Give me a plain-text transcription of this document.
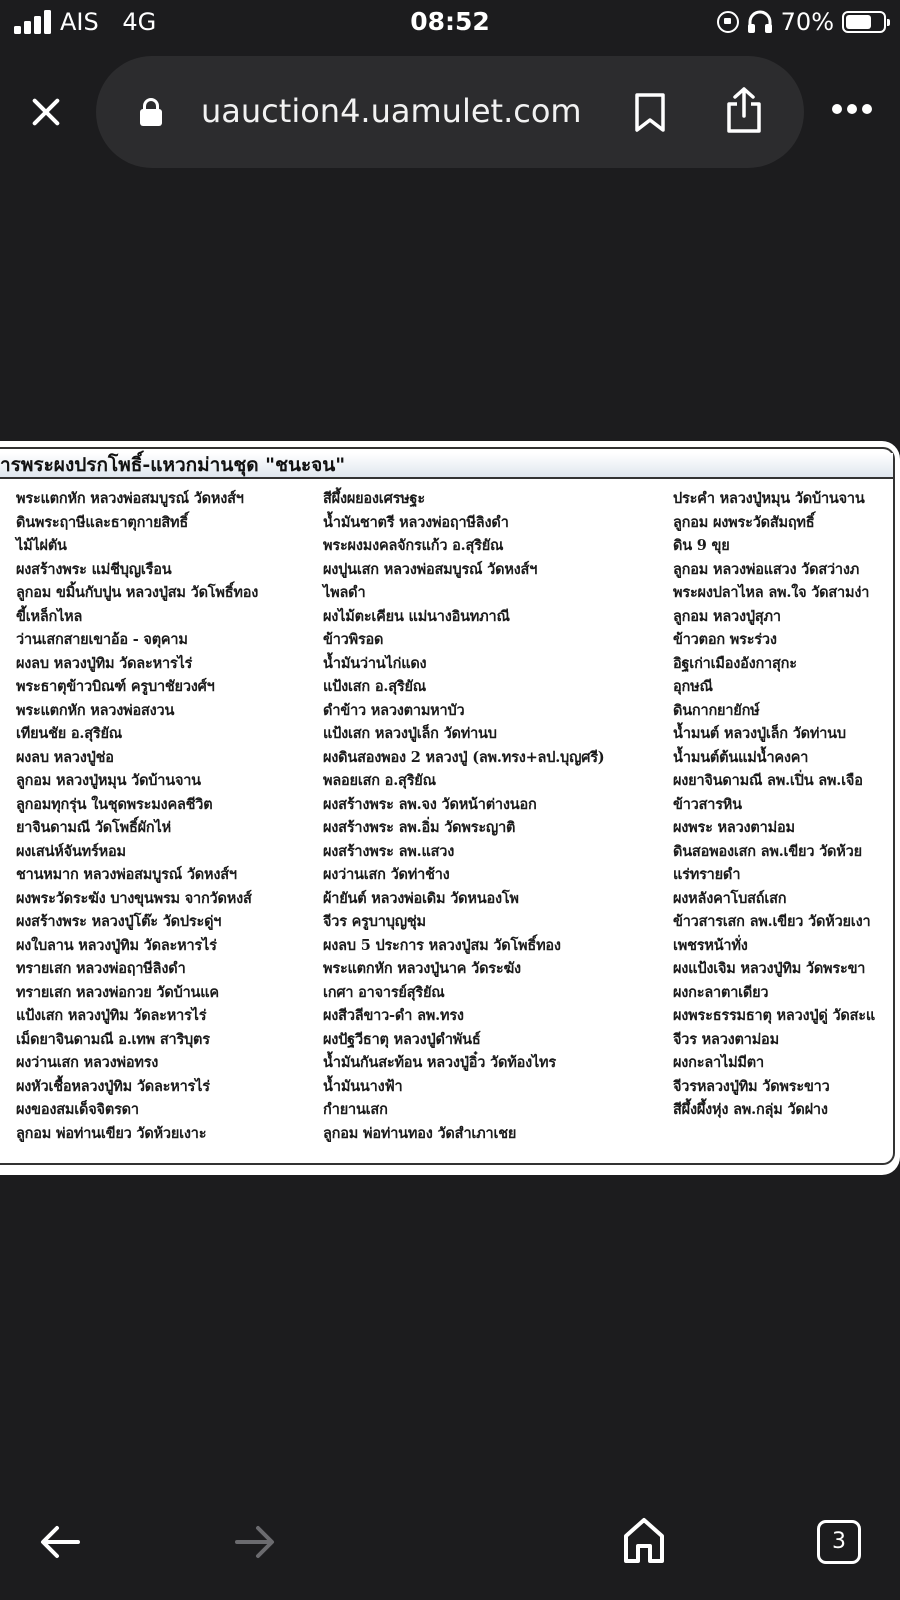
AIS 4G	08:52	70%
uauction4.uamulet.com
ารพระผงปรกโพธิ์-แหวกม่านชุด "ชนะจน"
พระแตกหัก หลวงพ่อสมบูรณ์ วัดหงส์ฯ
ดินพระฤาษีและธาตุกายสิทธิ์
ไม้ไผ่ตัน
ผงสร้างพระ แม่ชีบุญเรือน
ลูกอม ขมิ้นกับปูน หลวงปู่สม วัดโพธิ์ทอง
ขี้เหล็กไหล
ว่านเสกสายเขาอ้อ - จตุคาม
ผงลบ หลวงปู่ทิม วัดละหารไร่
พระธาตุข้าวบิณฑ์ ครูบาชัยวงศ์ฯ
พระแตกหัก หลวงพ่อสงวน
เทียนชัย อ.สุริยัณ
ผงลบ หลวงปู่ช่อ
ลูกอม หลวงปู่หมุน วัดบ้านจาน
ลูกอมทุกรุ่น ในชุดพระมงคลชีวิต
ยาจินดามณี วัดโพธิ์ผักไห่
ผงเสน่ห์จันทร์หอม
ชานหมาก หลวงพ่อสมบูรณ์ วัดหงส์ฯ
ผงพระวัดระฆัง บางขุนพรม จากวัดหงส์
ผงสร้างพระ หลวงปู่โต๊ะ วัดประดู่ฯ
ผงใบลาน หลวงปู่ทิม วัดละหารไร่
ทรายเสก หลวงพ่อฤาษีลิงดำ
ทรายเสก หลวงพ่อกวย วัดบ้านแค
แป้งเสก หลวงปู่ทิม วัดละหารไร่
เม็ดยาจินดามณี อ.เทพ สาริบุตร
ผงว่านเสก หลวงพ่อทรง
ผงหัวเชื้อหลวงปู่ทิม วัดละหารไร่
ผงของสมเด็จจิตรดา
ลูกอม พ่อท่านเขียว วัดห้วยเงาะ
สีผึ้งผยองเศรษฐะ
น้ำมันชาตรี หลวงพ่อฤาษีลิงดำ
พระผงมงคลจักรแก้ว อ.สุริยัณ
ผงปูนเสก หลวงพ่อสมบูรณ์ วัดหงส์ฯ
ไพลดำ
ผงไม้ตะเคียน แม่นางอินทภาณี
ข้าวพิรอด
น้ำมันว่านไก่แดง
แป้งเสก อ.สุริยัณ
ดำข้าว หลวงตามหาบัว
แป้งเสก หลวงปู่เล็ก วัดท่านบ
ผงดินสองพอง 2 หลวงปู่ (ลพ.ทรง+ลป.บุญศรี)
พลอยเสก อ.สุริยัณ
ผงสร้างพระ ลพ.จง วัดหน้าต่างนอก
ผงสร้างพระ ลพ.อิ่ม วัดพระญาติ
ผงสร้างพระ ลพ.แสวง
ผงว่านเสก วัดท่าช้าง
ผ้ายันต์ หลวงพ่อเดิม วัดหนองโพ
จีวร ครูบาบุญชุ่ม
ผงลบ 5 ประการ หลวงปู่สม วัดโพธิ์ทอง
พระแตกหัก หลวงปู่นาค วัดระฆัง
เกศา อาจารย์สุริยัณ
ผงสีวลีขาว-ดำ ลพ.ทรง
ผงปัฐวีธาตุ หลวงปู่ดำพันธ์
น้ำมันกันสะท้อน หลวงปู่อิ๋ว วัดท้องไทร
น้ำมันนางฟ้า
กำยานเสก
ลูกอม พ่อท่านทอง วัดสำเภาเชย
ประคำ หลวงปู่หมุน วัดบ้านจาน
ลูกอม ผงพระวัดสัมฤทธิ์
ดิน 9 ขุย
ลูกอม หลวงพ่อแสวง วัดสว่างภ
พระผงปลาไหล ลพ.ใจ วัดสามง่า
ลูกอม หลวงปู่สุภา
ข้าวตอก พระร่วง
อิฐเก่าเมืองอังกาสุกะ
อุกษณี
ดินกากยายักษ์
น้ำมนต์ หลวงปู่เล็ก วัดท่านบ
น้ำมนต์ต้นแม่น้ำคงคา
ผงยาจินดามณี ลพ.เปิ่น ลพ.เจือ
ข้าวสารหิน
ผงพระ หลวงตาม่อม
ดินสอพองเสก ลพ.เขียว วัดห้วย
แร่ทรายดำ
ผงหลังคาโบสถ์เสก
ข้าวสารเสก ลพ.เขียว วัดห้วยเงา
เพชรหน้าทั่ง
ผงแป้งเจิม หลวงปู่ทิม วัดพระขา
ผงกะลาตาเดียว
ผงพระธรรมธาตุ หลวงปู่ดู่ วัดสะแ
จีวร หลวงตาม่อม
ผงกะลาไม่มีตา
จีวรหลวงปู่ทิม วัดพระขาว
สีผึ้งผึ้งหุ่ง ลพ.กลุ่ม วัดฝาง
3
